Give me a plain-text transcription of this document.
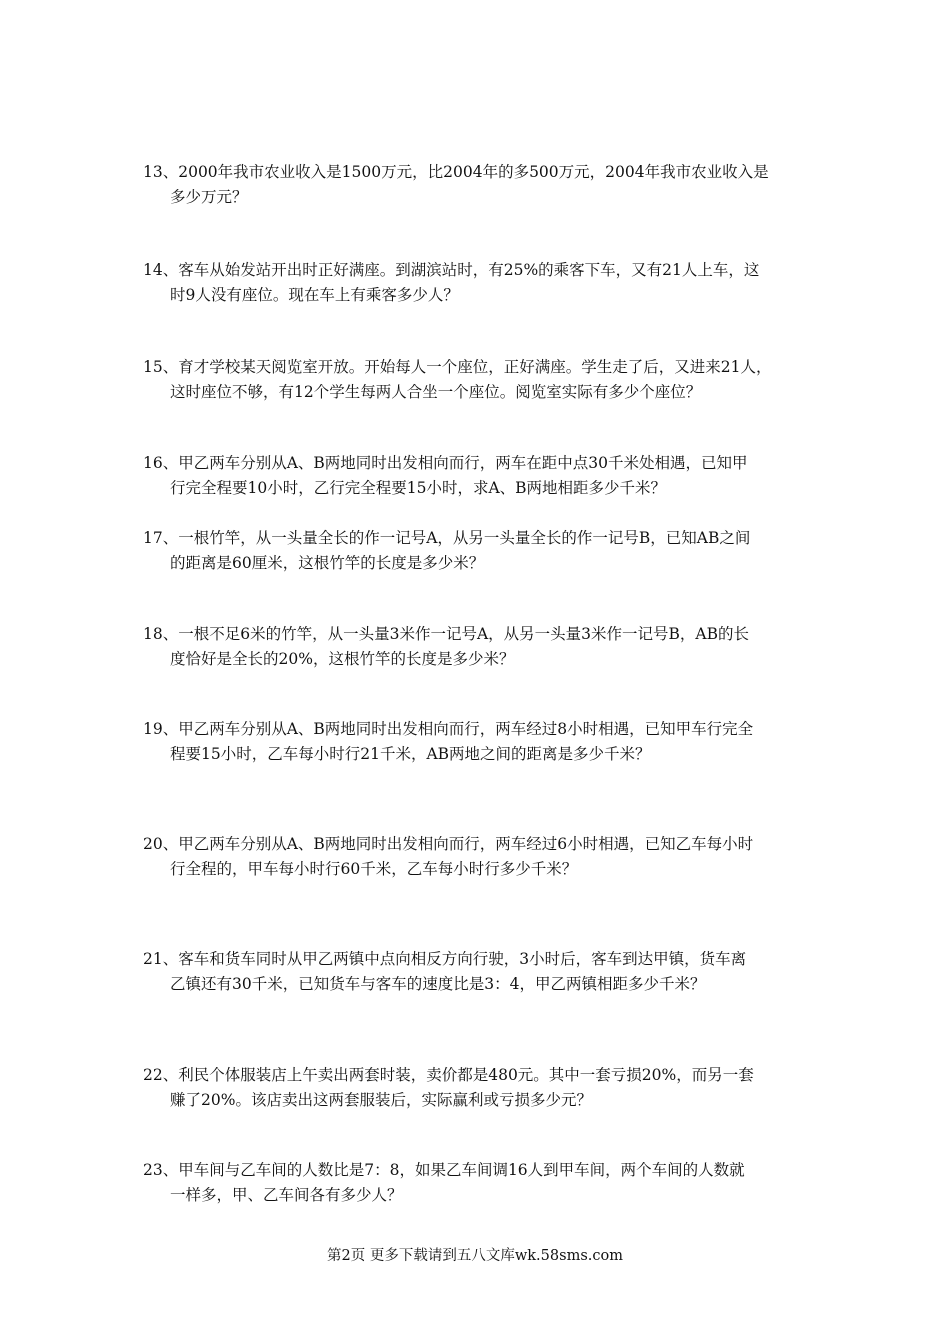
13、2000年我市农业收入是1500万元，比2004年的多500万元，2004年我市农业收入是
多少万元？
14、客车从始发站开出时正好满座。到湖滨站时，有25%的乘客下车，又有21人上车，这
时9人没有座位。现在车上有乘客多少人？
15、育才学校某天阅览室开放。开始每人一个座位，正好满座。学生走了后，又进来21人，
这时座位不够，有12个学生每两人合坐一个座位。阅览室实际有多少个座位？
16、甲乙两车分别从A、B两地同时出发相向而行，两车在距中点30千米处相遇，已知甲
行完全程要10小时，乙行完全程要15小时，求A、B两地相距多少千米？
17、一根竹竿，从一头量全长的作一记号A，从另一头量全长的作一记号B，已知AB之间
的距离是60厘米，这根竹竿的长度是多少米？
18、一根不足6米的竹竿，从一头量3米作一记号A，从另一头量3米作一记号B，AB的长
度恰好是全长的20%，这根竹竿的长度是多少米？
19、甲乙两车分别从A、B两地同时出发相向而行，两车经过8小时相遇，已知甲车行完全
程要15小时，乙车每小时行21千米，AB两地之间的距离是多少千米？
20、甲乙两车分别从A、B两地同时出发相向而行，两车经过6小时相遇，已知乙车每小时
行全程的，甲车每小时行60千米，乙车每小时行多少千米？
21、客车和货车同时从甲乙两镇中点向相反方向行驶，3小时后，客车到达甲镇，货车离
乙镇还有30千米，已知货车与客车的速度比是3：4，甲乙两镇相距多少千米？
22、利民个体服装店上午卖出两套时装，卖价都是480元。其中一套亏损20%，而另一套
赚了20%。该店卖出这两套服装后，实际赢利或亏损多少元？
23、甲车间与乙车间的人数比是7：8，如果乙车间调16人到甲车间，两个车间的人数就
一样多，甲、乙车间各有多少人？
第2页 更多下载请到五八文库wk.58sms.com
